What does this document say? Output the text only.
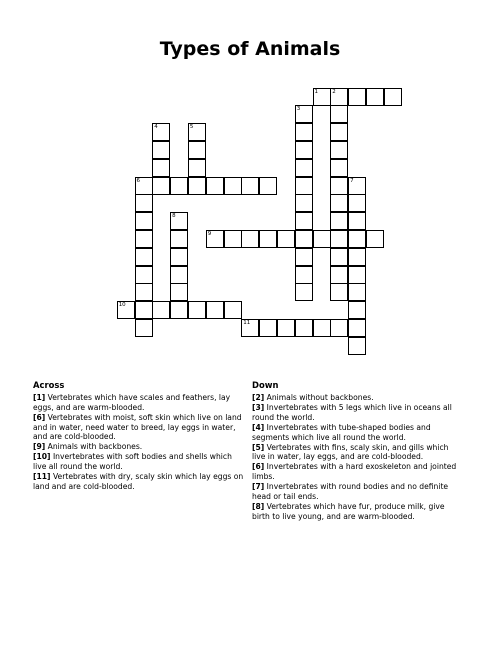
Types of Animals
1	2
3
4	5
6	7
8
9
10
11
Across
[1] Vertebrates which have scales and feathers, lay eggs, and are warm-blooded.
[6] Vertebrates with moist, soft skin which live on land and in water, need water to breed, lay eggs in water, and are cold-blooded.
[9] Animals with backbones.
[10] Invertebrates with soft bodies and shells which live all round the world.
[11] Vertebrates with dry, scaly skin which lay eggs on land and are cold-blooded.
Down
[2] Animals without backbones.
[3] Invertebrates with 5 legs which live in oceans all round the world.
[4] Invertebrates with tube-shaped bodies and segments which live all round the world.
[5] Vertebrates with fins, scaly skin, and gills which live in water, lay eggs, and are cold-blooded.
[6] Invertebrates with a hard exoskeleton and jointed limbs.
[7] Invertebrates with round bodies and no definite head or tail ends.
[8] Vertebrates which have fur, produce milk, give birth to live young, and are warm-blooded.
